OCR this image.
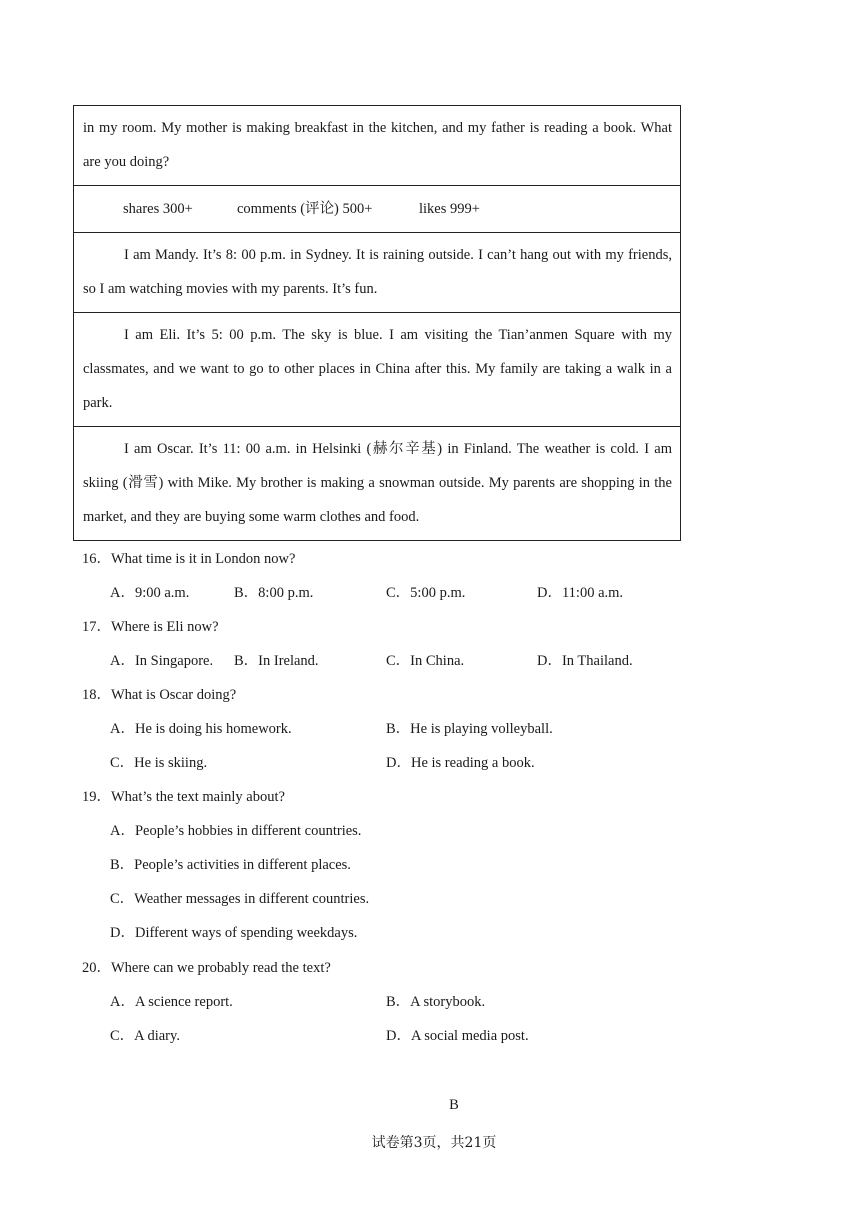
in my room. My mother is making breakfast in the kitchen, and my father is reading a book. What are you doing?
shares 300+	comments (评论) 500+	likes 999+
I am Mandy. It’s 8: 00 p.m. in Sydney. It is raining outside. I can’t hang out with my friends, so I am watching movies with my parents. It’s fun.
I am Eli. It’s 5: 00 p.m. The sky is blue. I am visiting the Tian’anmen Square with my classmates, and we want to go to other places in China after this. My family are taking a walk in a park.
I am Oscar. It’s 11: 00 a.m. in Helsinki (赫尔辛基) in Finland. The weather is cold. I am skiing (滑雪) with Mike. My brother is making a snowman outside. My parents are shopping in the market, and they are buying some warm clothes and food.
16．What time is it in London now?
A．9:00 a.m.	B．8:00 p.m.	C．5:00 p.m.	D．11:00 a.m.
17．Where is Eli now?
A．In Singapore. B．In Ireland.	C．In China.	D．In Thailand.
18．What is Oscar doing?
A．He is doing his homework.	B．He is playing volleyball.
C．He is skiing.	D．He is reading a book.
19．What’s the text mainly about?
A．People’s hobbies in different countries.
B．People’s activities in different places.
C．Weather messages in different countries.
D．Different ways of spending weekdays.
20．Where can we probably read the text?
A．A science report.	B．A storybook.
C．A diary.	D．A social media post.
B
试卷第3页，共21页
